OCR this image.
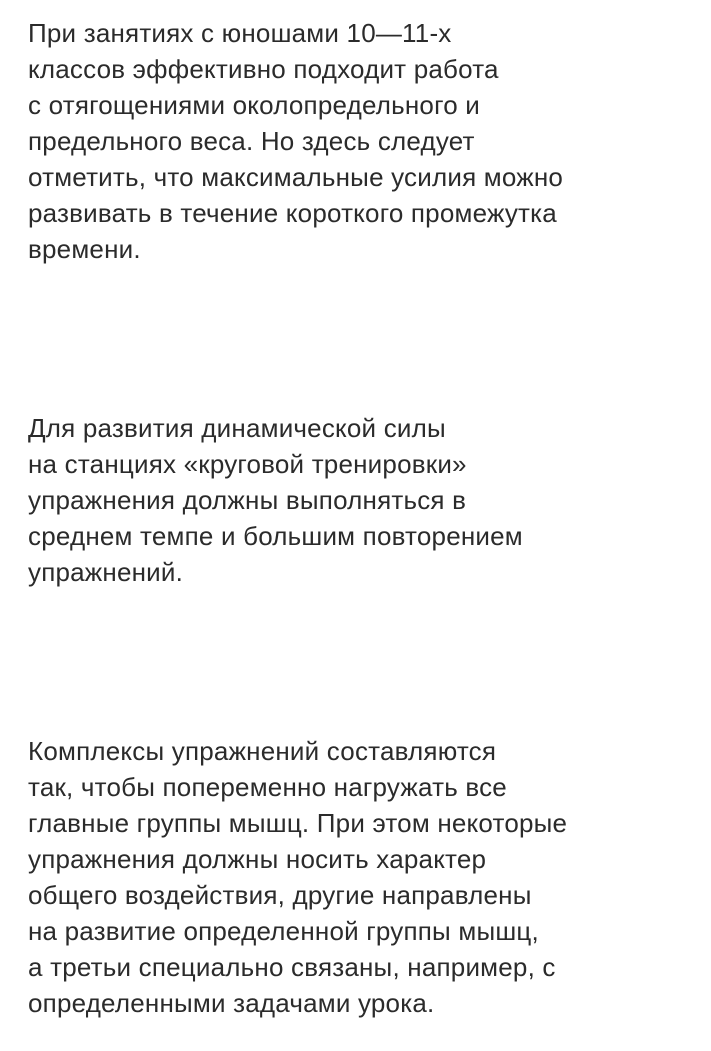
При занятиях с юношами 10—11-х
классов эффективно подходит работа
с отягощениями околопредельного и
предельного веса. Но здесь следует
отметить, что максимальные усилия можно
развивать в течение короткого промежутка
времени.

Для развития динамической силы
на станциях «круговой тренировки»
упражнения должны выполняться в
среднем темпе и большим повторением
упражнений.

Комплексы упражнений составляются
так, чтобы попеременно нагружать все
главные группы мышц. При этом некоторые
упражнения должны носить характер
общего воздействия, другие направлены
на развитие определенной группы мышц,
а третьи специально связаны, например, с
определенными задачами урока.
